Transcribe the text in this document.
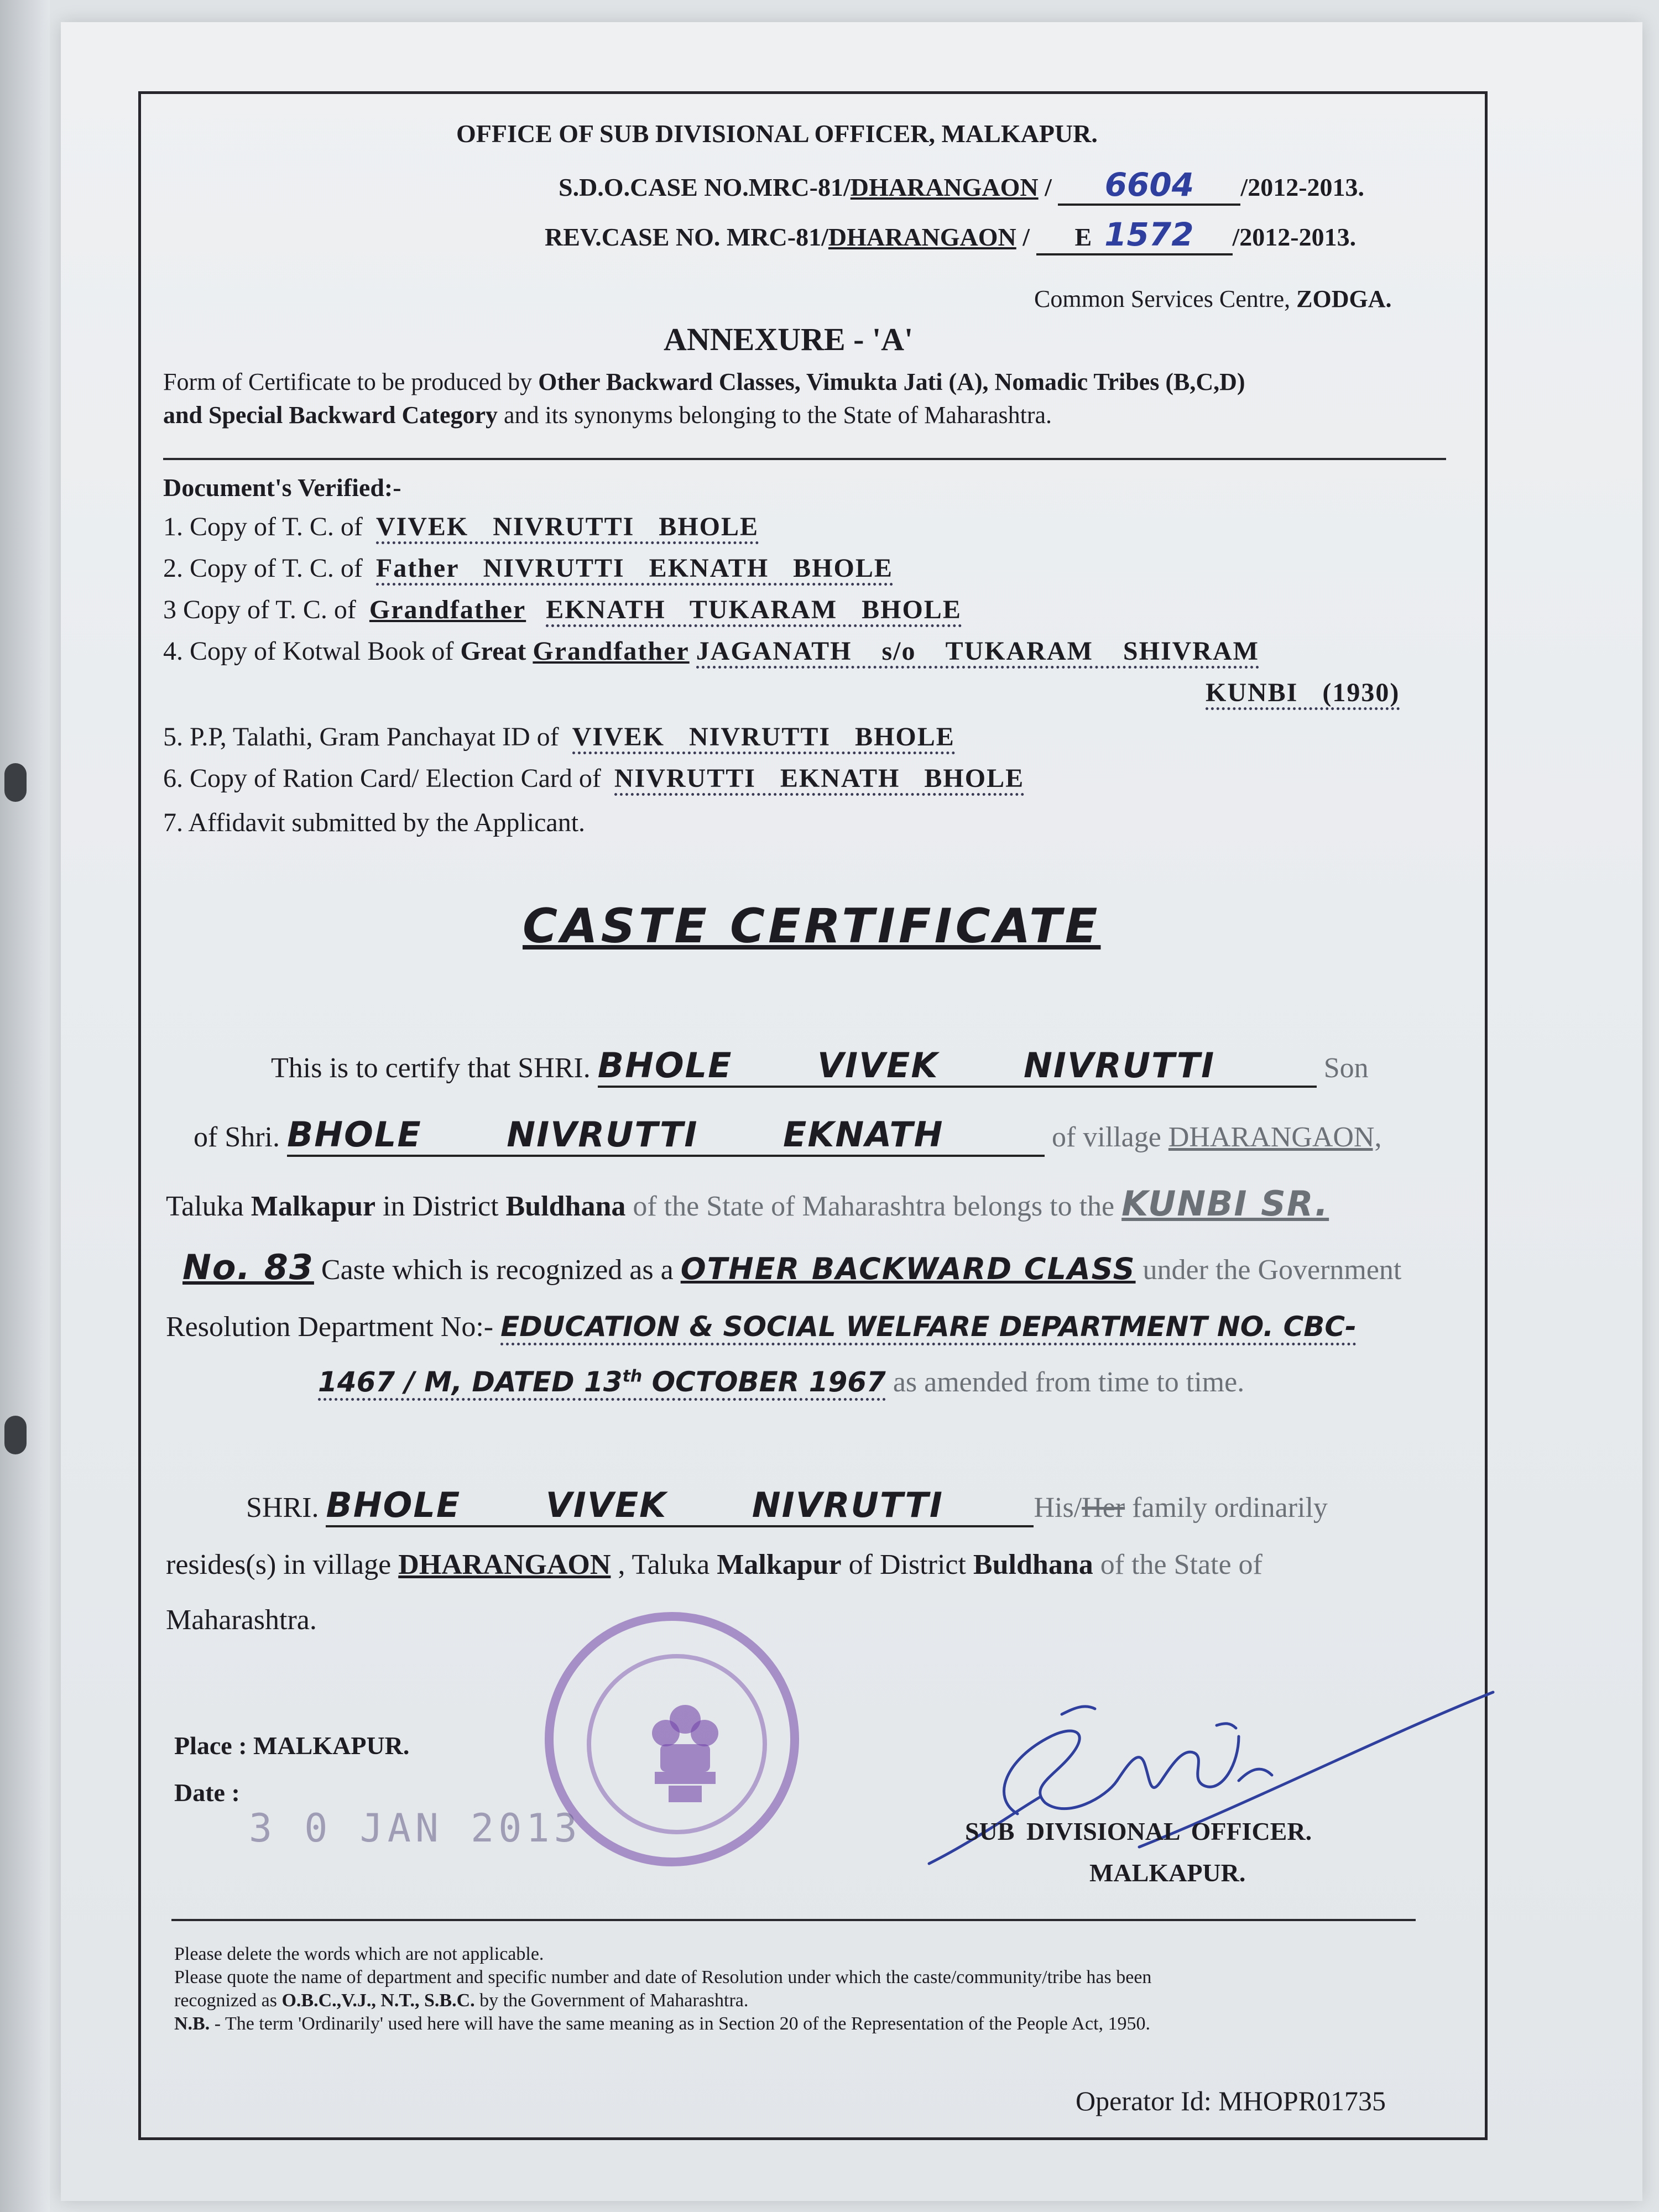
OFFICE OF SUB DIVISIONAL OFFICER, MALKAPUR.
S.D.O.CASE NO.MRC-81/DHARANGAON / 6604 /2012-2013.
REV.CASE NO. MRC-81/DHARANGAON / E 1572 /2012-2013.
Common Services Centre, ZODGA.
ANNEXURE - 'A'
Form of Certificate to be produced by Other Backward Classes, Vimukta Jati (A), Nomadic Tribes (B,C,D)
and Special Backward Category and its synonyms belonging to the State of Maharashtra.
Document's Verified:-
1. Copy of T. C. of VIVEK NIVRUTTI BHOLE
2. Copy of T. C. of Father NIVRUTTI EKNATH BHOLE
3 Copy of T. C. of Grandfather EKNATH TUKARAM BHOLE
4. Copy of Kotwal Book of Great Grandfather JAGANATH s/o TUKARAM SHIVRAM
KUNBI (1930)
5. P.P, Talathi, Gram Panchayat ID of VIVEK NIVRUTTI BHOLE
6. Copy of Ration Card/ Election Card of NIVRUTTI EKNATH BHOLE
7. Affidavit submitted by the Applicant.
CASTE CERTIFICATE
This is to certify that SHRI. BHOLE VIVEK NIVRUTTI	Son
of Shri. BHOLE NIVRUTTI EKNATH	of village DHARANGAON,
Taluka Malkapur in District Buldhana of the State of Maharashtra belongs to the KUNBI SR.
No. 83 Caste which is recognized as a OTHER BACKWARD CLASS under the Government
Resolution Department No:- EDUCATION & SOCIAL WELFARE DEPARTMENT NO. CBC-
1467 / M, DATED 13th OCTOBER 1967 as amended from time to time.
SHRI. BHOLE VIVEK NIVRUTTI	His/Her family ordinarily
resides(s) in village DHARANGAON , Taluka Malkapur of District Buldhana of the State of
Maharashtra.
Place : MALKAPUR.
Date :
3 0 JAN 2013	SUB DIVISIONAL OFFICER.
MALKAPUR.
Please delete the words which are not applicable.
Please quote the name of department and specific number and date of Resolution under which the caste/community/tribe has been
recognized as O.B.C.,V.J., N.T., S.B.C. by the Government of Maharashtra.
N.B. - The term 'Ordinarily' used here will have the same meaning as in Section 20 of the Representation of the People Act, 1950.
Operator Id: MHOPR01735
